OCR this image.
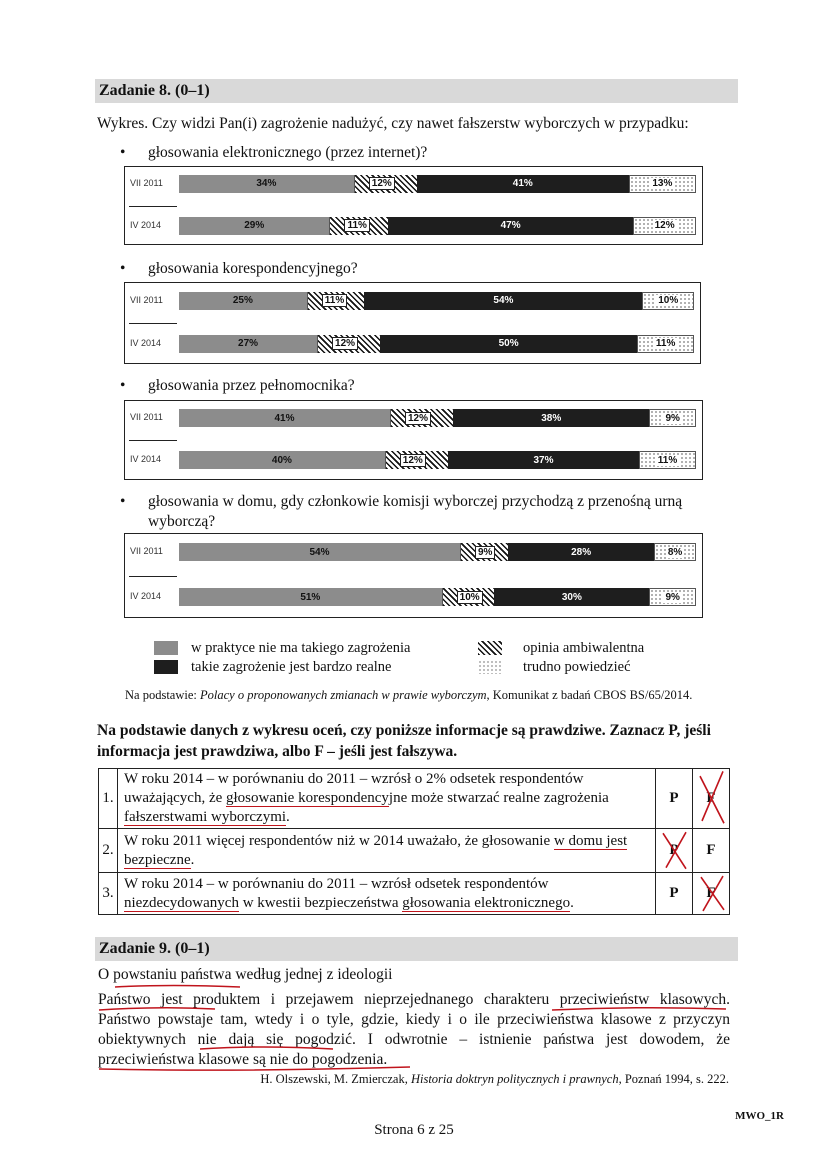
Zadanie 8. (0–1)
Wykres. Czy widzi Pan(i) zagrożenie nadużyć, czy nawet fałszerstw wyborczych w przypadku:
• głosowania elektronicznego (przez internet)?
VII 2011	34%	12%	41%	13%
IV 2014	29%	11%	47%	12%
• głosowania korespondencyjnego?
VII 2011	25%	11%	54%	10%
IV 2014	27%	12%	50%	11%
• głosowania przez pełnomocnika?
VII 2011	41%	12%	38%	9%
IV 2014	40%	12%	37%	11%
•	głosowania w domu, gdy członkowie komisji wyborczej przychodzą z przenośną urną wyborczą?
VII 2011	54%	9%	28%	8%
IV 2014	51%	10%	30%	9%
w praktyce nie ma takiego zagrożenia
takie zagrożenie jest bardzo realne
opinia ambiwalentna
trudno powiedzieć
Na podstawie: Polacy o proponowanych zmianach w prawie wyborczym, Komunikat z badań CBOS BS/65/2014.
Na podstawie danych z wykresu oceń, czy poniższe informacje są prawdziwe. Zaznacz P, jeśli informacja jest prawdziwa, albo F – jeśli jest fałszywa.
1.	W roku 2014 – w porównaniu do 2011 – wzrósł o 2% odsetek respondentów uważających, że głosowanie korespondencyjne może stwarzać realne zagrożenia fałszerstwami wyborczymi.	P	F

2.	W roku 2011 więcej respondentów niż w 2014 uważało, że głosowanie w domu jest bezpieczne.	P	F
3.	W roku 2014 – w porównaniu do 2011 – wzrósł odsetek respondentów niezdecydowanych w kwestii bezpieczeństwa głosowania elektronicznego.	P	F
Zadanie 9. (0–1)
O powstaniu państwa według jednej z ideologii
Państwo jest produktem i przejawem nieprzejednanego charakteru przeciwieństw klasowych. Państwo powstaje tam, wtedy i o tyle, gdzie, kiedy i o ile przeciwieństwa klasowe z przyczyn obiektywnych nie dają się pogodzić. I odwrotnie – istnienie państwa jest dowodem, że przeciwieństwa klasowe są nie do pogodzenia.
H. Olszewski, M. Zmierczak, Historia doktryn politycznych i prawnych, Poznań 1994, s. 222.
Strona 6 z 25
MWO_1R
